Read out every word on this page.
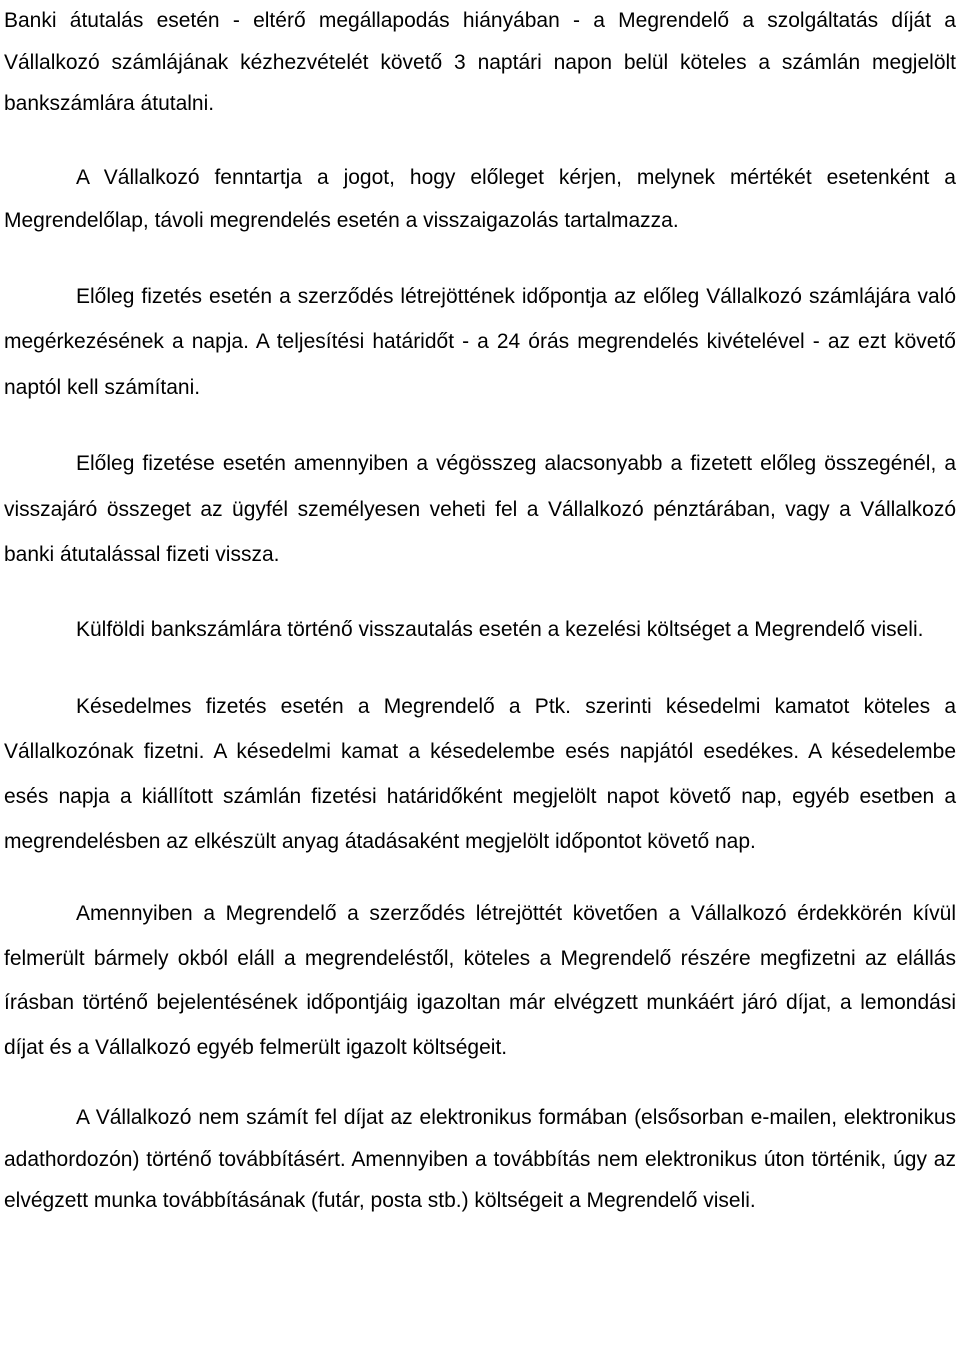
Banki átutalás esetén - eltérő megállapodás hiányában - a Megrendelő a szolgáltatás díját a Vállalkozó számlájának kézhezvételét követő 3 naptári napon belül köteles a számlán megjelölt bankszámlára átutalni.

A Vállalkozó fenntartja a jogot, hogy előleget kérjen, melynek mértékét esetenként a Megrendelőlap, távoli megrendelés esetén a visszaigazolás tartalmazza.

Előleg fizetés esetén a szerződés létrejöttének időpontja az előleg Vállalkozó számlájára való megérkezésének a napja. A teljesítési határidőt - a 24 órás megrendelés kivételével - az ezt követő naptól kell számítani.

Előleg fizetése esetén amennyiben a végösszeg alacsonyabb a fizetett előleg összegénél, a visszajáró összeget az ügyfél személyesen veheti fel a Vállalkozó pénztárában, vagy a Vállalkozó banki átutalással fizeti vissza.

Külföldi bankszámlára történő visszautalás esetén a kezelési költséget a Megrendelő viseli.

Késedelmes fizetés esetén a Megrendelő a Ptk. szerinti késedelmi kamatot köteles a Vállalkozónak fizetni. A késedelmi kamat a késedelembe esés napjától esedékes. A késedelembe esés napja a kiállított számlán fizetési határidőként megjelölt napot követő nap, egyéb esetben a megrendelésben az elkészült anyag átadásaként megjelölt időpontot követő nap.

Amennyiben a Megrendelő a szerződés létrejöttét követően a Vállalkozó érdekkörén kívül felmerült bármely okból eláll a megrendeléstől, köteles a Megrendelő részére megfizetni az elállás írásban történő bejelentésének időpontjáig igazoltan már elvégzett munkáért járó díjat, a lemondási díjat és a Vállalkozó egyéb felmerült igazolt költségeit.

A Vállalkozó nem számít fel díjat az elektronikus formában (elsősorban e-mailen, elektronikus adathordozón) történő továbbításért. Amennyiben a továbbítás nem elektronikus úton történik, úgy az elvégzett munka továbbításának (futár, posta stb.) költségeit a Megrendelő viseli.
